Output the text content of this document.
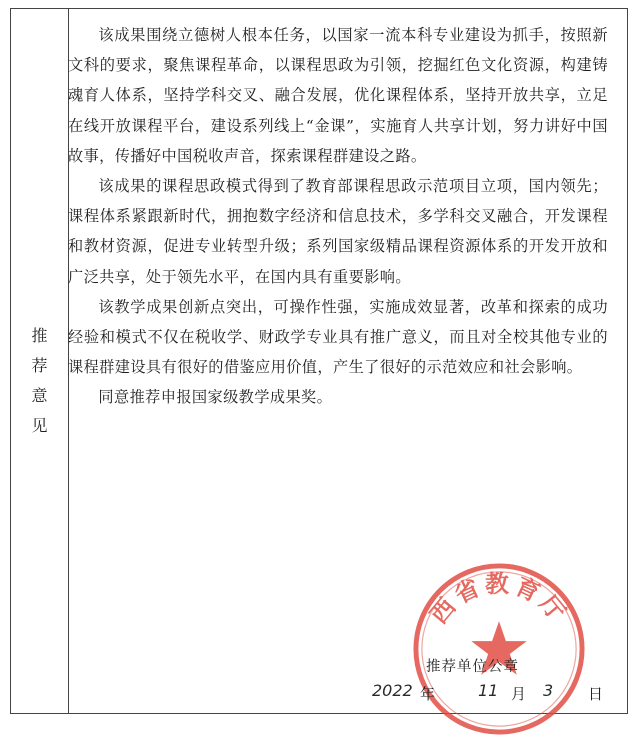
推
荐
意
见

该成果围绕立德树人根本任务，以国家一流本科专业建设为抓手，按照新文科的要求，聚焦课程革命，以课程思政为引领，挖掘红色文化资源，构建铸魂育人体系，坚持学科交叉、融合发展，优化课程体系，坚持开放共享，立足在线开放课程平台，建设系列线上“金课”，实施育人共享计划，努力讲好中国故事，传播好中国税收声音，探索课程群建设之路。

该成果的课程思政模式得到了教育部课程思政示范项目立项，国内领先；课程体系紧跟新时代，拥抱数字经济和信息技术，多学科交叉融合，开发课程和教材资源，促进专业转型升级；系列国家级精品课程资源体系的开发开放和广泛共享，处于领先水平，在国内具有重要影响。

该教学成果创新点突出，可操作性强，实施成效显著，改革和探索的成功经验和模式不仅在税收学、财政学专业具有推广意义，而且对全校其他专业的课程群建设具有很好的借鉴应用价值，产生了很好的示范效应和社会影响。

同意推荐申报国家级教学成果奖。

西省教育厅
推荐单位公章
2022 年	11 月 3 日
